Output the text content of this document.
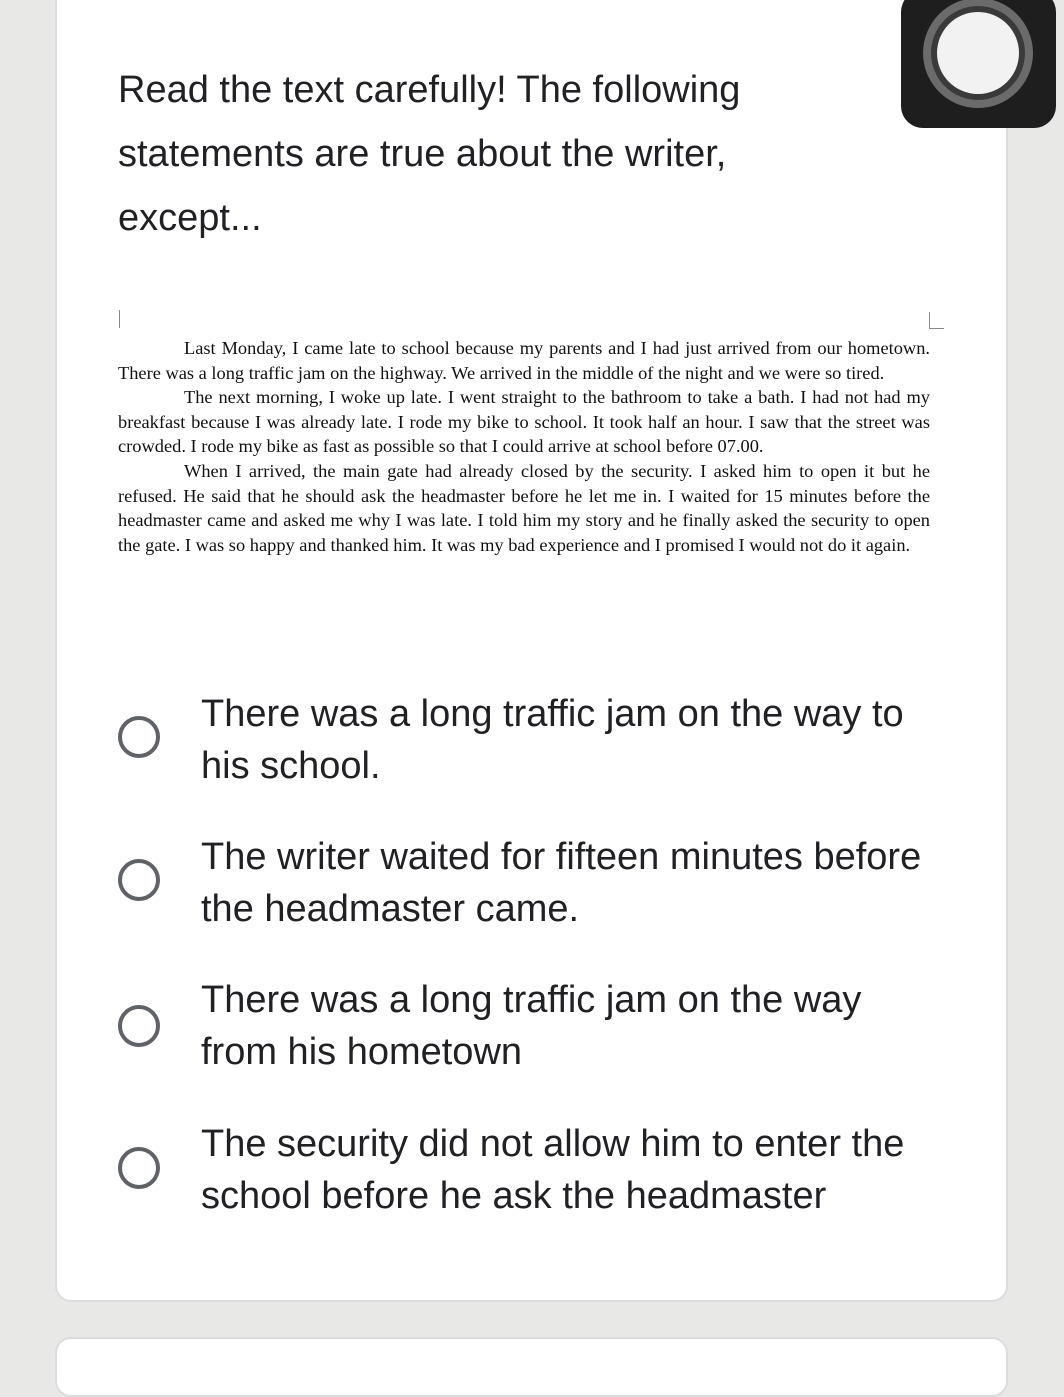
Read the text carefully! The following statements are true about the writer, except...

Last Monday, I came late to school because my parents and I had just arrived from our hometown. There was a long traffic jam on the highway. We arrived in the middle of the night and we were so tired.

The next morning, I woke up late. I went straight to the bathroom to take a bath. I had not had my breakfast because I was already late. I rode my bike to school. It took half an hour. I saw that the street was crowded. I rode my bike as fast as possible so that I could arrive at school before 07.00.

When I arrived, the main gate had already closed by the security. I asked him to open it but he refused. He said that he should ask the headmaster before he let me in. I waited for 15 minutes before the headmaster came and asked me why I was late. I told him my story and he finally asked the security to open the gate. I was so happy and thanked him. It was my bad experience and I promised I would not do it again.

There was a long traffic jam on the way to his school.
The writer waited for fifteen minutes before the headmaster came.
There was a long traffic jam on the way from his hometown
The security did not allow him to enter the school before he ask the headmaster
